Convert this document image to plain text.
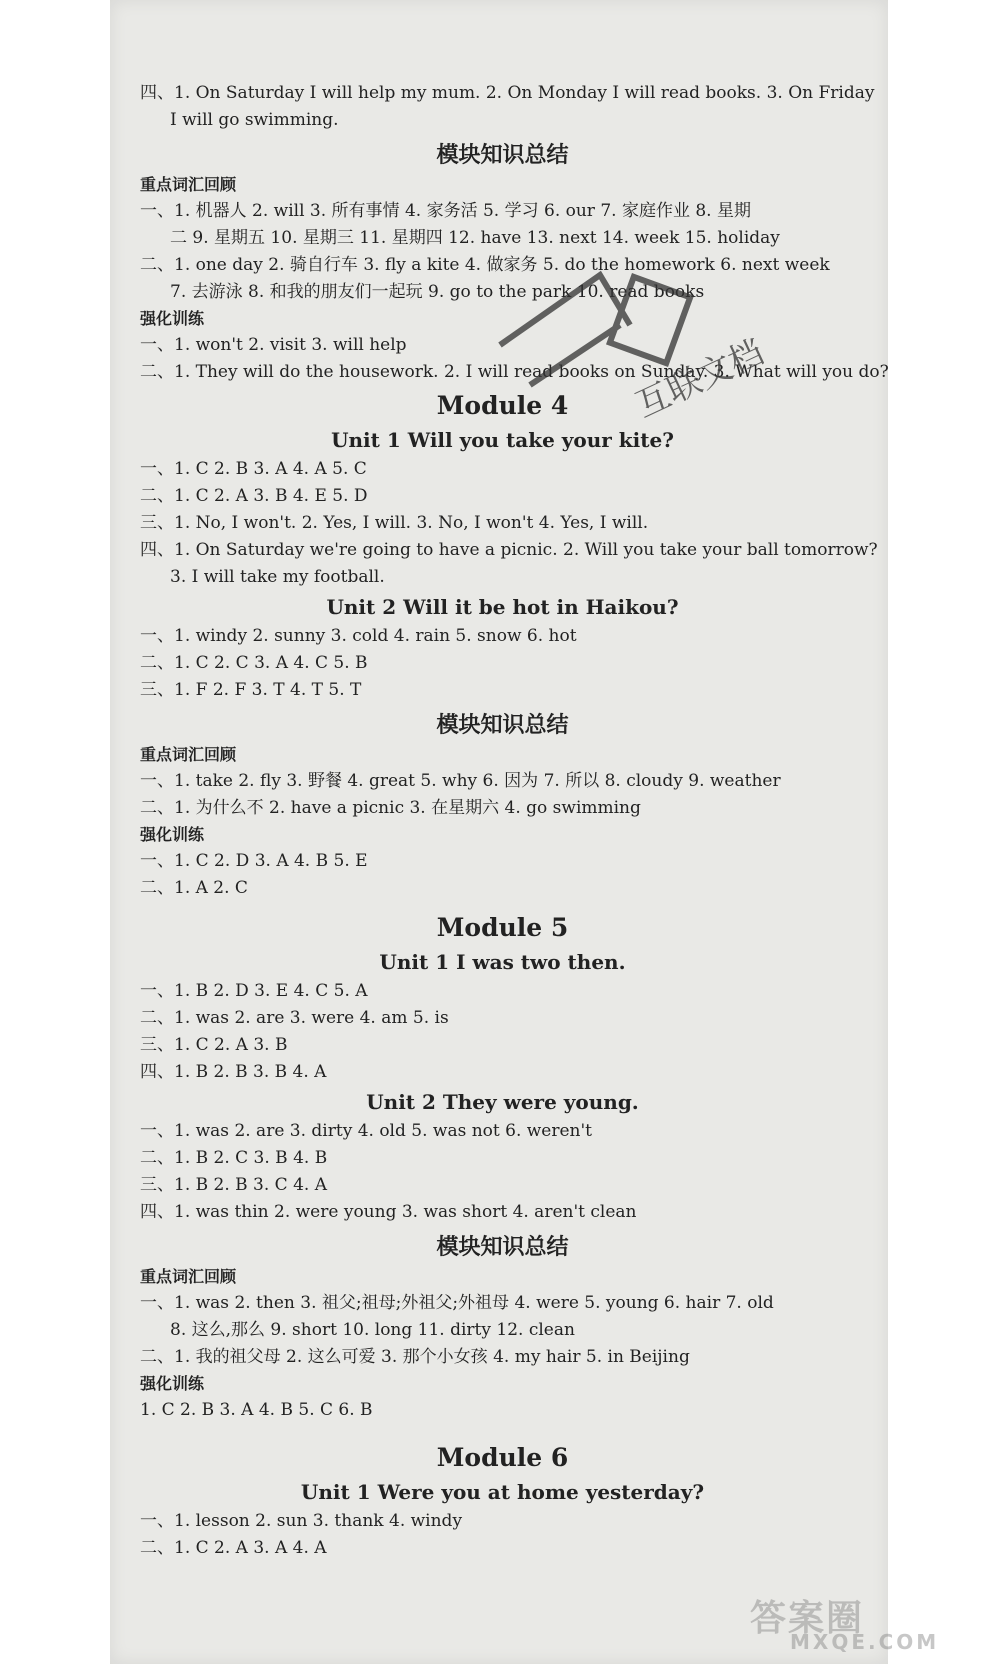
四、1. On Saturday I will help my mum. 2. On Monday I will read books. 3. On Friday
I will go swimming.
模块知识总结
重点词汇回顾
一、1. 机器人 2. will 3. 所有事情 4. 家务活 5. 学习 6. our 7. 家庭作业 8. 星期
二 9. 星期五 10. 星期三 11. 星期四 12. have 13. next 14. week 15. holiday
二、1. one day 2. 骑自行车 3. fly a kite 4. 做家务 5. do the homework 6. next week
7. 去游泳 8. 和我的朋友们一起玩 9. go to the park 10. read books
强化训练
一、1. won't 2. visit 3. will help
二、1. They will do the housework. 2. I will read books on Sunday. 3. What will you do?
Module 4
Unit 1 Will you take your kite?
一、1. C 2. B 3. A 4. A 5. C
二、1. C 2. A 3. B 4. E 5. D
三、1. No, I won't. 2. Yes, I will. 3. No, I won't 4. Yes, I will.
四、1. On Saturday we're going to have a picnic. 2. Will you take your ball tomorrow?
3. I will take my football.
Unit 2 Will it be hot in Haikou?
一、1. windy 2. sunny 3. cold 4. rain 5. snow 6. hot
二、1. C 2. C 3. A 4. C 5. B
三、1. F 2. F 3. T 4. T 5. T
模块知识总结
重点词汇回顾
一、1. take 2. fly 3. 野餐 4. great 5. why 6. 因为 7. 所以 8. cloudy 9. weather
二、1. 为什么不 2. have a picnic 3. 在星期六 4. go swimming
强化训练
一、1. C 2. D 3. A 4. B 5. E
二、1. A 2. C
Module 5
Unit 1 I was two then.
一、1. B 2. D 3. E 4. C 5. A
二、1. was 2. are 3. were 4. am 5. is
三、1. C 2. A 3. B
四、1. B 2. B 3. B 4. A
Unit 2 They were young.
一、1. was 2. are 3. dirty 4. old 5. was not 6. weren't
二、1. B 2. C 3. B 4. B
三、1. B 2. B 3. C 4. A
四、1. was thin 2. were young 3. was short 4. aren't clean
模块知识总结
重点词汇回顾
一、1. was 2. then 3. 祖父;祖母;外祖父;外祖母 4. were 5. young 6. hair 7. old
8. 这么,那么 9. short 10. long 11. dirty 12. clean
二、1. 我的祖父母 2. 这么可爱 3. 那个小女孩 4. my hair 5. in Beijing
强化训练
1. C 2. B 3. A 4. B 5. C 6. B
Module 6
Unit 1 Were you at home yesterday?
一、1. lesson 2. sun 3. thank 4. windy
二、1. C 2. A 3. A 4. A
互联文档
答案圈
MXQE.COM
